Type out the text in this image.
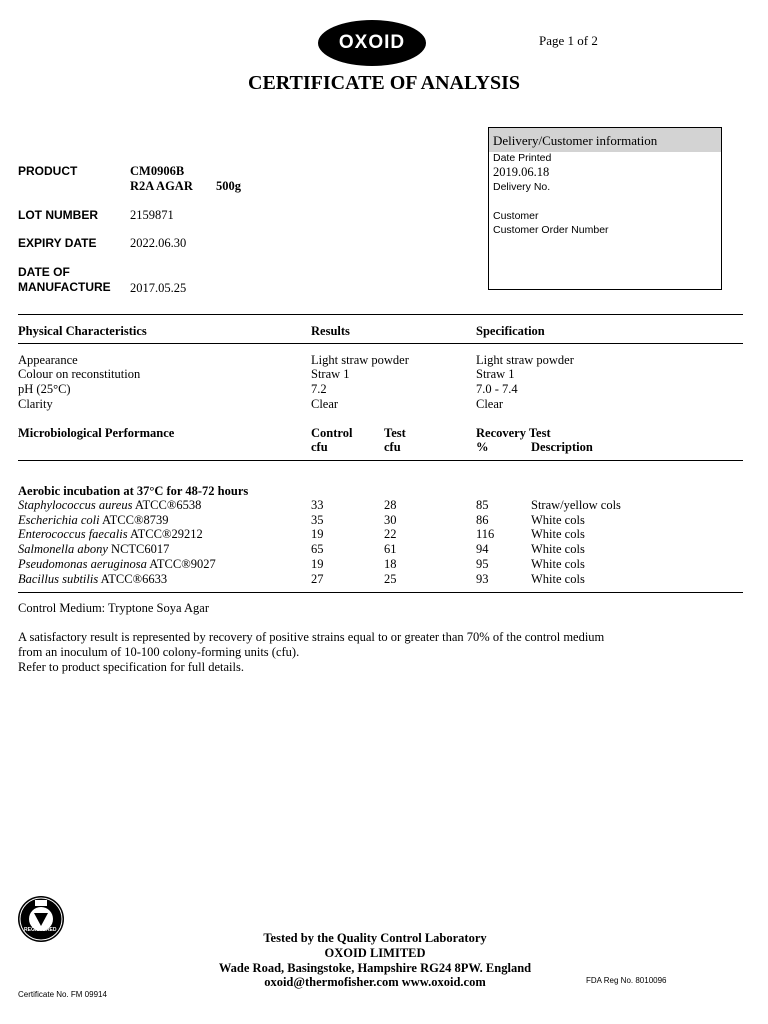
OXOID	Page 1 of 2
CERTIFICATE OF ANALYSIS
Delivery/Customer information
Date Printed
2019.06.18
Delivery No.
Customer
Customer Order Number
PRODUCT	CM0906B
R2A AGAR 500g
LOT NUMBER	2159871
EXPIRY DATE	2022.06.30
DATE OF
MANUFACTURE 2017.05.25
Physical Characteristics	Results	Specification
Appearance	Light straw powder	Light straw powder
Colour on reconstitution	Straw 1	Straw 1
pH (25°C)	7.2	7.0 - 7.4
Clarity	Clear	Clear
Microbiological Performance	Control	Test	Recovery Test
cfu	cfu	%	Description
Aerobic incubation at 37°C for 48-72 hours
Staphylococcus aureus ATCC®6538	33	28	85	Straw/yellow cols
Escherichia coli ATCC®8739	35	30	86	White cols
Enterococcus faecalis ATCC®29212	19	22	116	White cols
Salmonella abony NCTC6017	65	61	94	White cols
Pseudomonas aeruginosa ATCC®9027	19	18	95	White cols
Bacillus subtilis ATCC®6633	27	25	93	White cols
Control Medium: Tryptone Soya Agar
A satisfactory result is represented by recovery of positive strains equal to or greater than 70% of the control medium
from an inoculum of 10-100 colony-forming units (cfu).
Refer to product specification for full details.
REGISTERED
Tested by the Quality Control Laboratory
OXOID LIMITED
Wade Road, Basingstoke, Hampshire RG24 8PW. England
oxoid@thermofisher.com www.oxoid.com	FDA Reg No. 8010096
Certificate No. FM 09914
